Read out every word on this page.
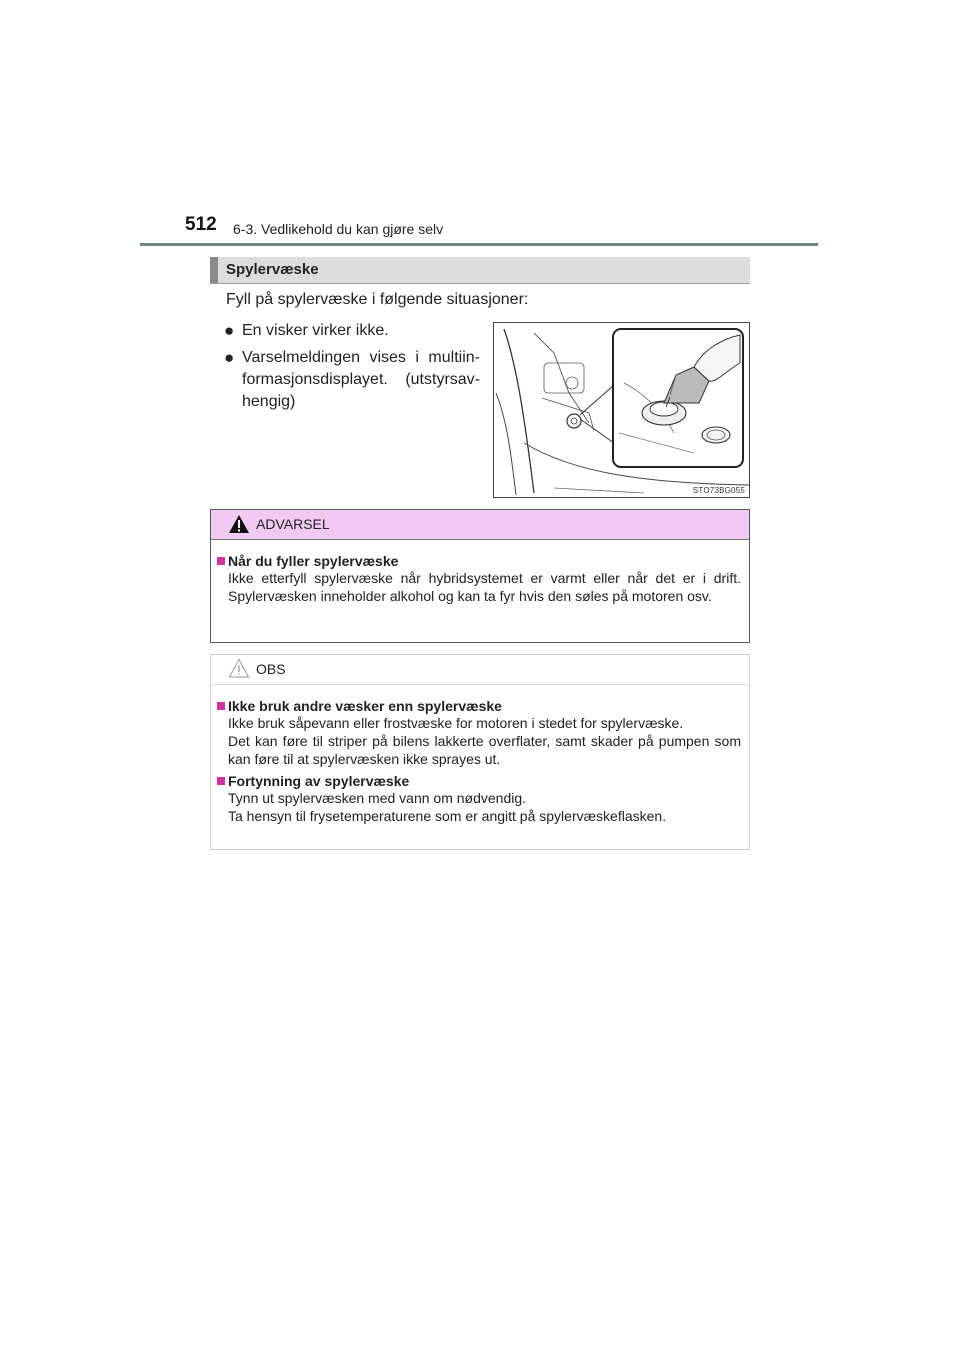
512 6-3. Vedlikehold du kan gjøre selv
Spylervæske
Fyll på spylervæske i følgende situasjoner:
● En visker virker ikke.
● Varselmeldingen vises i multiin-formasjonsdisplayet. (utstyrsav-hengig)
STO73BG055
ADVARSEL
Når du fyller spylervæske
Ikke etterfyll spylervæske når hybridsystemet er varmt eller når det er i drift. Spylervæsken inneholder alkohol og kan ta fyr hvis den søles på motoren osv.
OBS
Ikke bruk andre væsker enn spylervæske
Ikke bruk såpevann eller frostvæske for motoren i stedet for spylervæske.
Det kan føre til striper på bilens lakkerte overflater, samt skader på pumpen som kan føre til at spylervæsken ikke sprayes ut.
Fortynning av spylervæske
Tynn ut spylervæsken med vann om nødvendig.
Ta hensyn til frysetemperaturene som er angitt på spylervæskeflasken.
